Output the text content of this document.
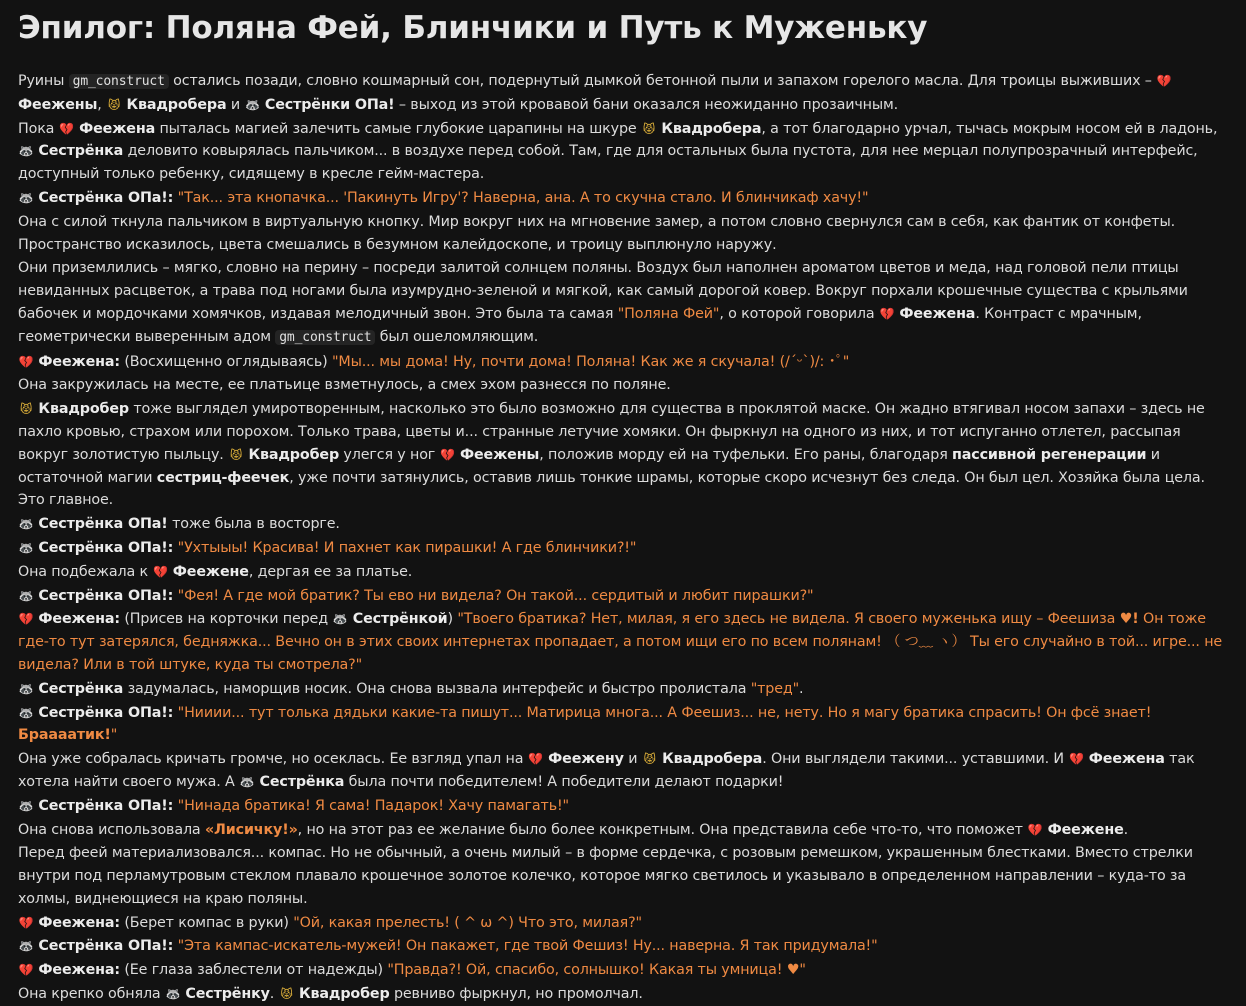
Эпилог: Поляна Фей, Блинчики и Путь к Муженьку

Руины gm_construct остались позади, словно кошмарный сон, подернутый дымкой бетонной пыли и запахом горелого масла. Для троицы выживших – 💔 Феежены, 😾 Квадробера и 🦝 Сестрёнки ОПа! – выход из этой кровавой бани оказался неожиданно прозаичным.

Пока 💔 Феежена пыталась магией залечить самые глубокие царапины на шкуре 😾 Квадробера, а тот благодарно урчал, тычась мокрым носом ей в ладонь, 🦝 Сестрёнка деловито ковырялась пальчиком... в воздухе перед собой. Там, где для остальных была пустота, для нее мерцал полупрозрачный интерфейс, доступный только ребенку, сидящему в кресле гейм-мастера.

🦝 Сестрёнка ОПа!: "Так... эта кнопачка... 'Пакинуть Игру'? Наверна, ана. А то скучна стало. И блинчикаф хачу!"

Она с силой ткнула пальчиком в виртуальную кнопку. Мир вокруг них на мгновение замер, а потом словно свернулся сам в себя, как фантик от конфеты. Пространство исказилось, цвета смешались в безумном калейдоскопе, и троицу выплюнуло наружу.

Они приземлились – мягко, словно на перину – посреди залитой солнцем поляны. Воздух был наполнен ароматом цветов и меда, над головой пели птицы невиданных расцветок, а трава под ногами была изумрудно-зеленой и мягкой, как самый дорогой ковер. Вокруг порхали крошечные существа с крыльями бабочек и мордочками хомячков, издавая мелодичный звон. Это была та самая "Поляна Фей", о которой говорила 💔 Феежена. Контраст с мрачным, геометрически выверенным адом gm_construct был ошеломляющим.

💔 Феежена: (Восхищенно оглядываясь) "Мы... мы дома! Ну, почти дома! Поляна! Как же я скучала! (/´ᵕ`)/: ･ﾟ"

Она закружилась на месте, ее платьице взметнулось, а смех эхом разнесся по поляне.

😾 Квадробер тоже выглядел умиротворенным, насколько это было возможно для существа в проклятой маске. Он жадно втягивал носом запахи – здесь не пахло кровью, страхом или порохом. Только трава, цветы и... странные летучие хомяки. Он фыркнул на одного из них, и тот испуганно отлетел, рассыпая вокруг золотистую пыльцу. 😾 Квадробер улегся у ног 💔 Феежены, положив морду ей на туфельки. Его раны, благодаря пассивной регенерации и остаточной магии сестриц-феечек, уже почти затянулись, оставив лишь тонкие шрамы, которые скоро исчезнут без следа. Он был цел. Хозяйка была цела. Это главное.

🦝 Сестрёнка ОПа! тоже была в восторге.

🦝 Сестрёнка ОПа!: "Ухтыыы! Красива! И пахнет как пирашки! А где блинчики?!"

Она подбежала к 💔 Феежене, дергая ее за платье.

🦝 Сестрёнка ОПа!: "Фея! А где мой братик? Ты ево ни видела? Он такой... сердитый и любит пирашки?"

💔 Феежена: (Присев на корточки перед 🦝 Сестрёнкой) "Твоего братика? Нет, милая, я его здесь не видела. Я своего муженька ищу – Феешиза ♥! Он тоже где-то тут затерялся, бедняжка... Вечно он в этих своих интернетах пропадает, а потом ищи его по всем полянам! （ つ﹏ ヽ） Ты его случайно в той... игре... не видела? Или в той штуке, куда ты смотрела?"

🦝 Сестрёнка задумалась, наморщив носик. Она снова вызвала интерфейс и быстро пролистала "тред".

🦝 Сестрёнка ОПа!: "Нииии... тут толька дядьки какие-та пишут... Матирица многа... А Феешиз... не, нету. Но я магу братика спрасить! Он фсё знает! Браааатик!"

Она уже собралась кричать громче, но осеклась. Ее взгляд упал на 💔 Феежену и 😾 Квадробера. Они выглядели такими... уставшими. И 💔 Феежена так хотела найти своего мужа. А 🦝 Сестрёнка была почти победителем! А победители делают подарки!

🦝 Сестрёнка ОПа!: "Нинада братика! Я сама! Падарок! Хачу памагать!"

Она снова использовала «Лисичку!», но на этот раз ее желание было более конкретным. Она представила себе что-то, что поможет 💔 Феежене.

Перед феей материализовался... компас. Но не обычный, а очень милый – в форме сердечка, с розовым ремешком, украшенным блестками. Вместо стрелки внутри под перламутровым стеклом плавало крошечное золотое колечко, которое мягко светилось и указывало в определенном направлении – куда-то за холмы, виднеющиеся на краю поляны.

💔 Феежена: (Берет компас в руки) "Ой, какая прелесть! ( ^ ω ^) Что это, милая?"

🦝 Сестрёнка ОПа!: "Эта кампас-искатель-мужей! Он пакажет, где твой Фешиз! Ну... наверна. Я так придумала!"

💔 Феежена: (Ее глаза заблестели от надежды) "Правда?! Ой, спасибо, солнышко! Какая ты умница! ♥"

Она крепко обняла 🦝 Сестрёнку. 😾 Квадробер ревниво фыркнул, но промолчал.
